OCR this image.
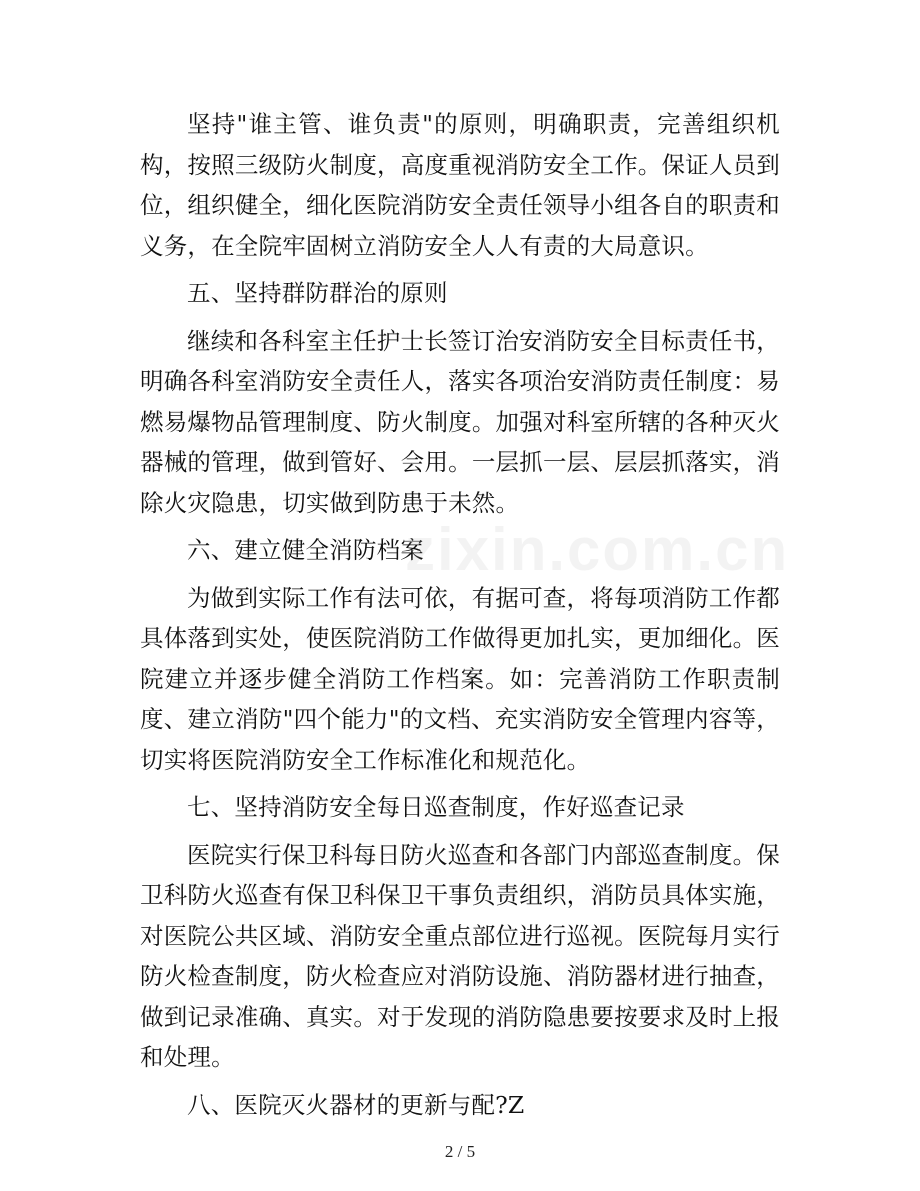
坚持"谁主管、谁负责"的原则，明确职责，完善组织机构，按照三级防火制度，高度重视消防安全工作。保证人员到位，组织健全，细化医院消防安全责任领导小组各自的职责和义务，在全院牢固树立消防安全人人有责的大局意识。

五、坚持群防群治的原则

继续和各科室主任护士长签订治安消防安全目标责任书，明确各科室消防安全责任人，落实各项治安消防责任制度：易燃易爆物品管理制度、防火制度。加强对科室所辖的各种灭火器械的管理，做到管好、会用。一层抓一层、层层抓落实，消除火灾隐患，切实做到防患于未然。

六、建立健全消防档案

为做到实际工作有法可依，有据可查，将每项消防工作都具体落到实处，使医院消防工作做得更加扎实，更加细化。医院建立并逐步健全消防工作档案。如：完善消防工作职责制度、建立消防"四个能力"的文档、充实消防安全管理内容等，切实将医院消防安全工作标准化和规范化。

七、坚持消防安全每日巡查制度，作好巡查记录

医院实行保卫科每日防火巡查和各部门内部巡查制度。保卫科防火巡查有保卫科保卫干事负责组织，消防员具体实施，对医院公共区域、消防安全重点部位进行巡视。医院每月实行防火检查制度，防火检查应对消防设施、消防器材进行抽查，做到记录准确、真实。对于发现的消防隐患要按要求及时上报和处理。

八、医院灭火器材的更新与配?Z

zixin.com.cn
2 / 5
